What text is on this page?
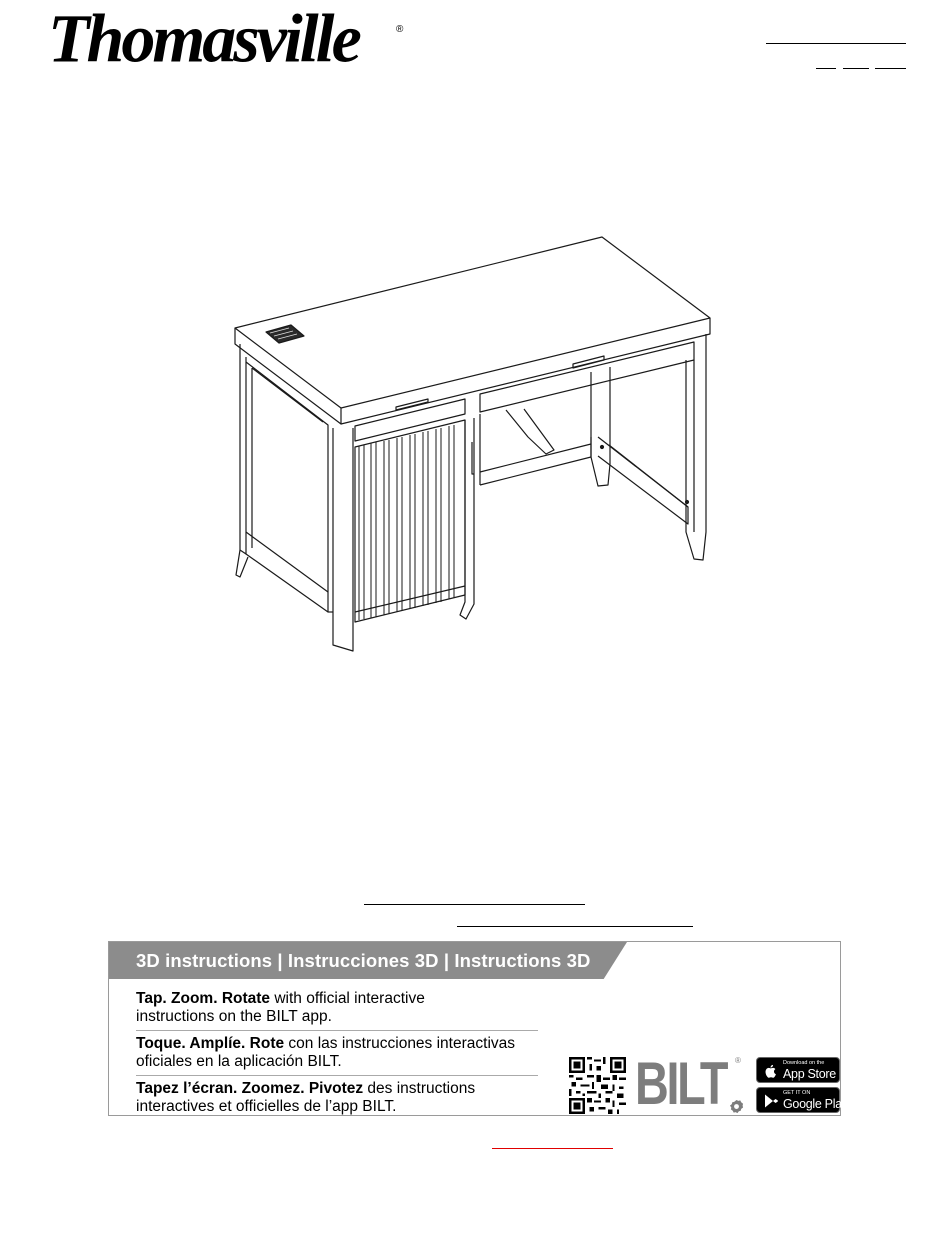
Thomasville	®
3D instructions | Instrucciones 3D | Instructions 3D
Tap. Zoom. Rotate with official interactive
instructions on the BILT app.
Toque. Amplíe. Rote con las instrucciones interactivas
oficiales en la aplicación BILT.
Tapez l’écran. Zoomez. Pivotez des instructions
interactives et officielles de l’app BILT.	BILT ®	Download on the
App Store
GET IT ON
Google Play
